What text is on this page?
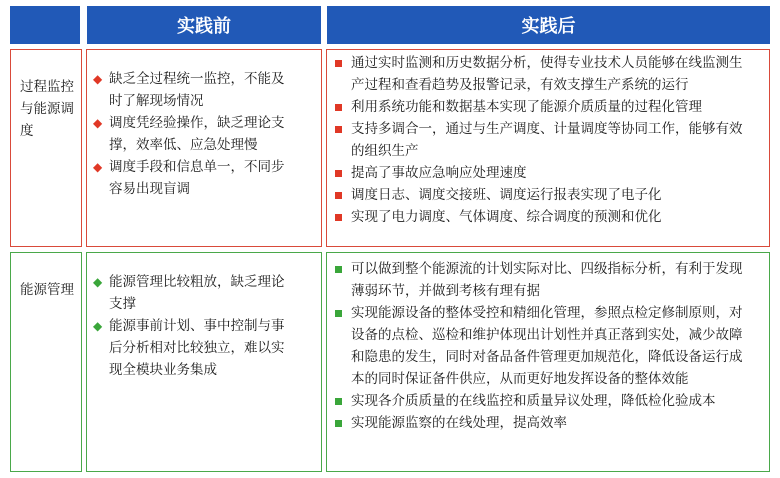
实践前	实践后
过程监控与能源调度
◆ 缺乏全过程统一监控，不能及时了解现场情况
◆ 调度凭经验操作，缺乏理论支撑，效率低、应急处理慢
◆ 调度手段和信息单一，不同步容易出现盲调
通过实时监测和历史数据分析，使得专业技术人员能够在线监测生产过程和查看趋势及报警记录，有效支撑生产系统的运行
利用系统功能和数据基本实现了能源介质质量的过程化管理
支持多调合一，通过与生产调度、计量调度等协同工作，能够有效的组织生产
提高了事故应急响应处理速度
调度日志、调度交接班、调度运行报表实现了电子化
实现了电力调度、气体调度、综合调度的预测和优化
能源管理	◆ 能源管理比较粗放，缺乏理论支撑
◆ 能源事前计划、事中控制与事后分析相对比较独立，难以实现全模块业务集成
可以做到整个能源流的计划实际对比、四级指标分析，有利于发现薄弱环节，并做到考核有理有据
实现能源设备的整体受控和精细化管理，参照点检定修制原则，对设备的点检、巡检和维护体现出计划性并真正落到实处，减少故障和隐患的发生，同时对备品备件管理更加规范化，降低设备运行成本的同时保证备件供应，从而更好地发挥设备的整体效能
实现各介质质量的在线监控和质量异议处理，降低检化验成本
实现能源监察的在线处理，提高效率
